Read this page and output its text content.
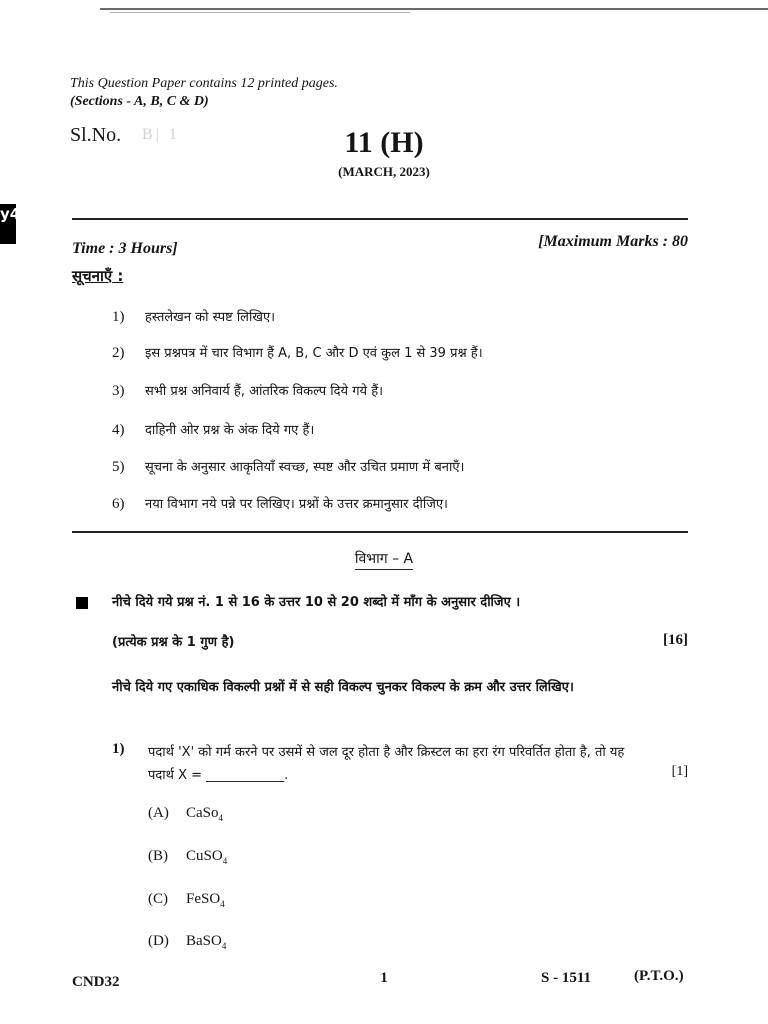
This Question Paper contains 12 printed pages.
(Sections - A, B, C & D)
Sl.No. B| 1	11 (H)
(MARCH, 2023)
y4
Time : 3 Hours]	[Maximum Marks : 80
सूचनाएँ :
1) हस्तलेखन को स्पष्ट लिखिए।
2) इस प्रश्नपत्र में चार विभाग हैं A, B, C और D एवं कुल 1 से 39 प्रश्न हैं।
3) सभी प्रश्न अनिवार्य हैं, आंतरिक विकल्प दिये गये हैं।
4) दाहिनी ओर प्रश्न के अंक दिये गए हैं।
5) सूचना के अनुसार आकृतियाँ स्वच्छ, स्पष्ट और उचित प्रमाण में बनाएँ।
6) नया विभाग नये पन्ने पर लिखिए। प्रश्नों के उत्तर क्रमानुसार दीजिए।
विभाग – A
नीचे दिये गये प्रश्न नं. 1 से 16 के उत्तर 10 से 20 शब्दो में माँग के अनुसार दीजिए ।
(प्रत्येक प्रश्न के 1 गुण है)	[16]
नीचे दिये गए एकाधिक विकल्पी प्रश्नों में से सही विकल्प चुनकर विकल्प के क्रम और उत्तर लिखिए।
1) पदार्थ 'X' को गर्म करने पर उसमें से जल दूर होता है और क्रिस्टल का हरा रंग परिवर्तित होता है, तो यह
पदार्थ X = ____________.	[1]
(A) CaSo$_4$
(B) CuSO$_4$
(C) FeSO$_4$
(D) BaSO$_4$
CND32	1	S - 1511	(P.T.O.)
